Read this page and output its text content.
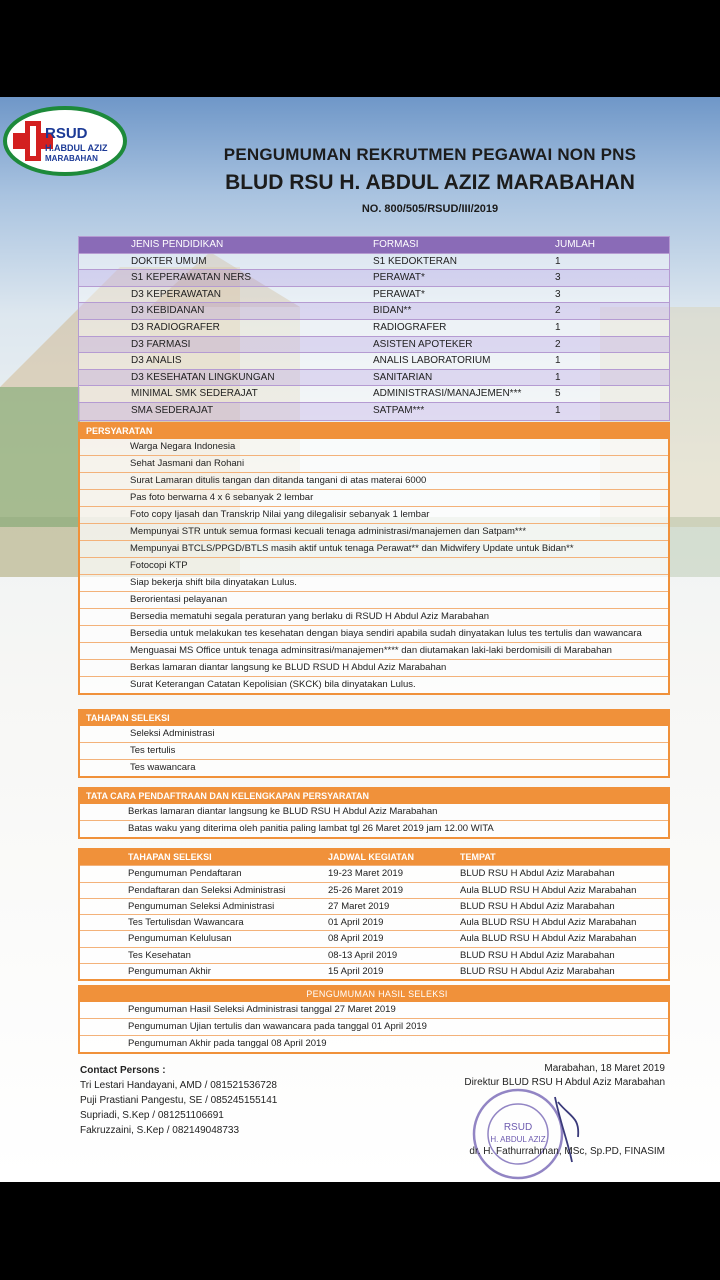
RSUD
H.ABDUL AZIZ
MARABAHAN	PENGUMUMAN REKRUTMEN PEGAWAI NON PNS
BLUD RSU H. ABDUL AZIZ MARABAHAN
NO. 800/505/RSUD/III/2019
JENIS PENDIDIKAN	FORMASI	JUMLAH
DOKTER UMUM	S1 KEDOKTERAN	1
S1 KEPERAWATAN NERS	PERAWAT*	3
D3 KEPERAWATAN	PERAWAT*	3
D3 KEBIDANAN	BIDAN**	2
D3 RADIOGRAFER	RADIOGRAFER	1
D3 FARMASI	ASISTEN APOTEKER	2
D3 ANALIS	ANALIS LABORATORIUM	1
D3 KESEHATAN LINGKUNGAN	SANITARIAN	1
MINIMAL SMK SEDERAJAT	ADMINISTRASI/MANAJEMEN***	5
SMA SEDERAJAT	SATPAM***	1
PERSYARATAN
Warga Negara Indonesia
Sehat Jasmani dan Rohani
Surat Lamaran ditulis tangan dan ditanda tangani di atas materai 6000
Pas foto berwarna 4 x 6 sebanyak 2 lembar
Foto copy Ijasah dan Transkrip Nilai yang dilegalisir sebanyak 1 lembar
Mempunyai STR untuk semua formasi kecuali tenaga administrasi/manajemen dan Satpam***
Mempunyai BTCLS/PPGD/BTLS masih aktif untuk tenaga Perawat** dan Midwifery Update untuk Bidan**
Fotocopi KTP
Siap bekerja shift bila dinyatakan Lulus.
Berorientasi pelayanan
Bersedia mematuhi segala peraturan yang berlaku di RSUD H Abdul Aziz Marabahan
Bersedia untuk melakukan tes kesehatan dengan biaya sendiri apabila sudah dinyatakan lulus tes tertulis dan wawancara
Menguasai MS Office untuk tenaga adminsitrasi/manajemen**** dan diutamakan laki-laki berdomisili di Marabahan
Berkas lamaran diantar langsung ke BLUD RSUD H Abdul Aziz Marabahan
Surat Keterangan Catatan Kepolisian (SKCK) bila dinyatakan Lulus.
TAHAPAN SELEKSI
Seleksi Administrasi
Tes tertulis
Tes wawancara
TATA CARA PENDAFTRAAN DAN KELENGKAPAN PERSYARATAN
Berkas lamaran diantar langsung ke BLUD RSU H Abdul Aziz Marabahan
Batas waku yang diterima oleh panitia paling lambat tgl 26 Maret 2019 jam 12.00 WITA
TAHAPAN SELEKSI	JADWAL KEGIATAN	TEMPAT
Pengumuman Pendaftaran	19-23 Maret 2019	BLUD RSU H Abdul Aziz Marabahan
Pendaftaran dan Seleksi Administrasi	25-26 Maret 2019	Aula BLUD RSU H Abdul Aziz Marabahan
Pengumuman Seleksi Administrasi	27 Maret 2019	BLUD RSU H Abdul Aziz Marabahan
Tes Tertulisdan Wawancara	01 April 2019	Aula BLUD RSU H Abdul Aziz Marabahan
Pengumuman Kelulusan	08 April 2019	Aula BLUD RSU H Abdul Aziz Marabahan
Tes Kesehatan	08-13 April 2019	BLUD RSU H Abdul Aziz Marabahan
Pengumuman Akhir	15 April 2019	BLUD RSU H Abdul Aziz Marabahan
PENGUMUMAN HASIL SELEKSI
Pengumuman Hasil Seleksi Administrasi tanggal 27 Maret 2019
Pengumuman Ujian tertulis dan wawancara pada tanggal 01 April 2019
Pengumuman Akhir pada tanggal 08 April 2019
Contact Persons :
Tri Lestari Handayani, AMD / 081521536728
Puji Prastiani Pangestu, SE / 085245155141
Supriadi, S.Kep / 081251106691
Fakruzzaini, S.Kep / 082149048733
Marabahan, 18 Maret 2019
Direktur BLUD RSU H Abdul Aziz Marabahan
RSUD
H. ABDUL AZIZ
dr. H. Fathurrahman, MSc, Sp.PD, FINASIM
